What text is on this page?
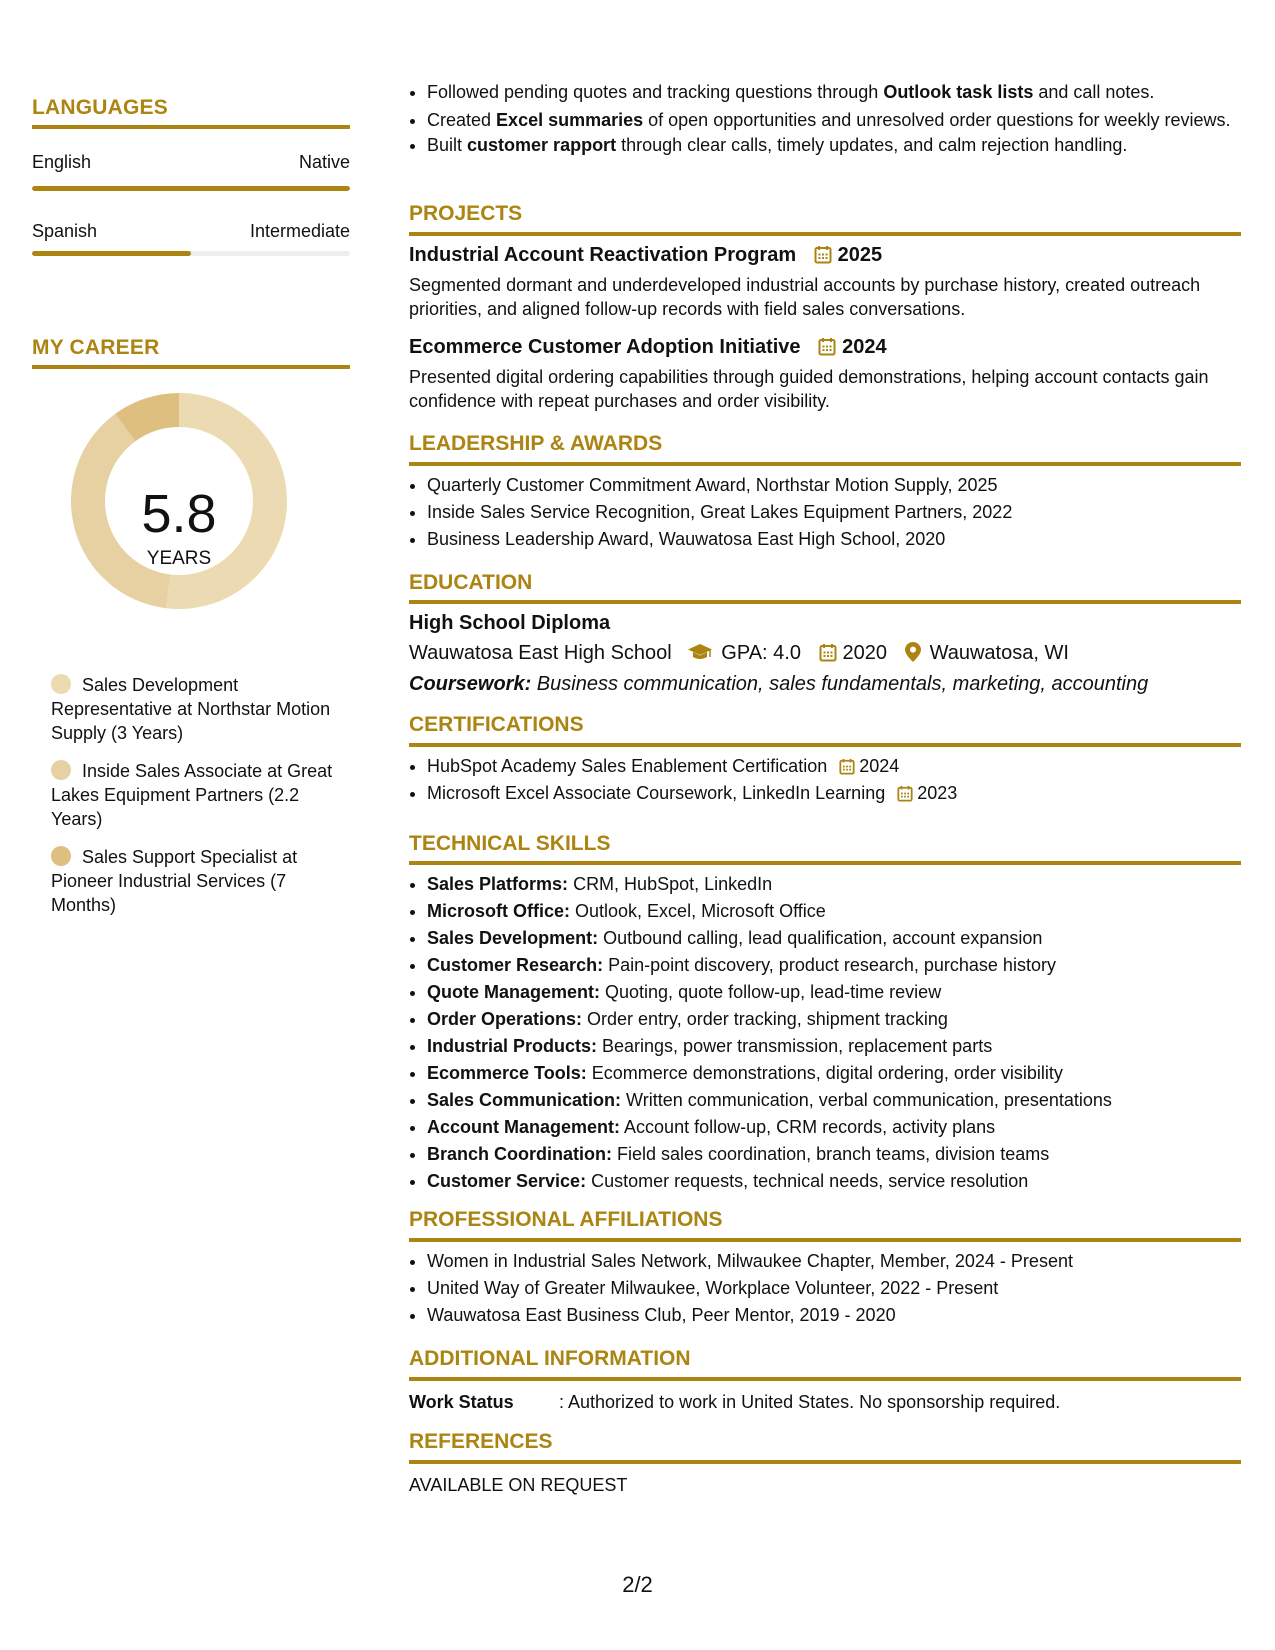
LANGUAGES
English	Native
Spanish	Intermediate
MY CAREER
5.8
YEARS
Sales Development Representative at Northstar Motion Supply (3 Years)
Inside Sales Associate at Great Lakes Equipment Partners (2.2 Years)
Sales Support Specialist at Pioneer Industrial Services (7 Months)
• Followed pending quotes and tracking questions through Outlook task lists and call notes.
• Created Excel summaries of open opportunities and unresolved order questions for weekly reviews.
• Built customer rapport through clear calls, timely updates, and calm rejection handling.
PROJECTS
Industrial Account Reactivation Program 2025
Segmented dormant and underdeveloped industrial accounts by purchase history, created outreach priorities, and aligned follow-up records with field sales conversations.
Ecommerce Customer Adoption Initiative 2024
Presented digital ordering capabilities through guided demonstrations, helping account contacts gain confidence with repeat purchases and order visibility.
LEADERSHIP & AWARDS
• Quarterly Customer Commitment Award, Northstar Motion Supply, 2025
• Inside Sales Service Recognition, Great Lakes Equipment Partners, 2022
• Business Leadership Award, Wauwatosa East High School, 2020
EDUCATION
High School Diploma
Wauwatosa East High School GPA: 4.0 2020 Wauwatosa, WI
Coursework: Business communication, sales fundamentals, marketing, accounting
CERTIFICATIONS
• HubSpot Academy Sales Enablement Certification 2024
• Microsoft Excel Associate Coursework, LinkedIn Learning 2023
TECHNICAL SKILLS
• Sales Platforms: CRM, HubSpot, LinkedIn
• Microsoft Office: Outlook, Excel, Microsoft Office
• Sales Development: Outbound calling, lead qualification, account expansion
• Customer Research: Pain-point discovery, product research, purchase history
• Quote Management: Quoting, quote follow-up, lead-time review
• Order Operations: Order entry, order tracking, shipment tracking
• Industrial Products: Bearings, power transmission, replacement parts
• Ecommerce Tools: Ecommerce demonstrations, digital ordering, order visibility
• Sales Communication: Written communication, verbal communication, presentations
• Account Management: Account follow-up, CRM records, activity plans
• Branch Coordination: Field sales coordination, branch teams, division teams
• Customer Service: Customer requests, technical needs, service resolution
PROFESSIONAL AFFILIATIONS
• Women in Industrial Sales Network, Milwaukee Chapter, Member, 2024 - Present
• United Way of Greater Milwaukee, Workplace Volunteer, 2022 - Present
• Wauwatosa East Business Club, Peer Mentor, 2019 - 2020
ADDITIONAL INFORMATION
Work Status	: Authorized to work in United States. No sponsorship required.
REFERENCES
AVAILABLE ON REQUEST
2/2
